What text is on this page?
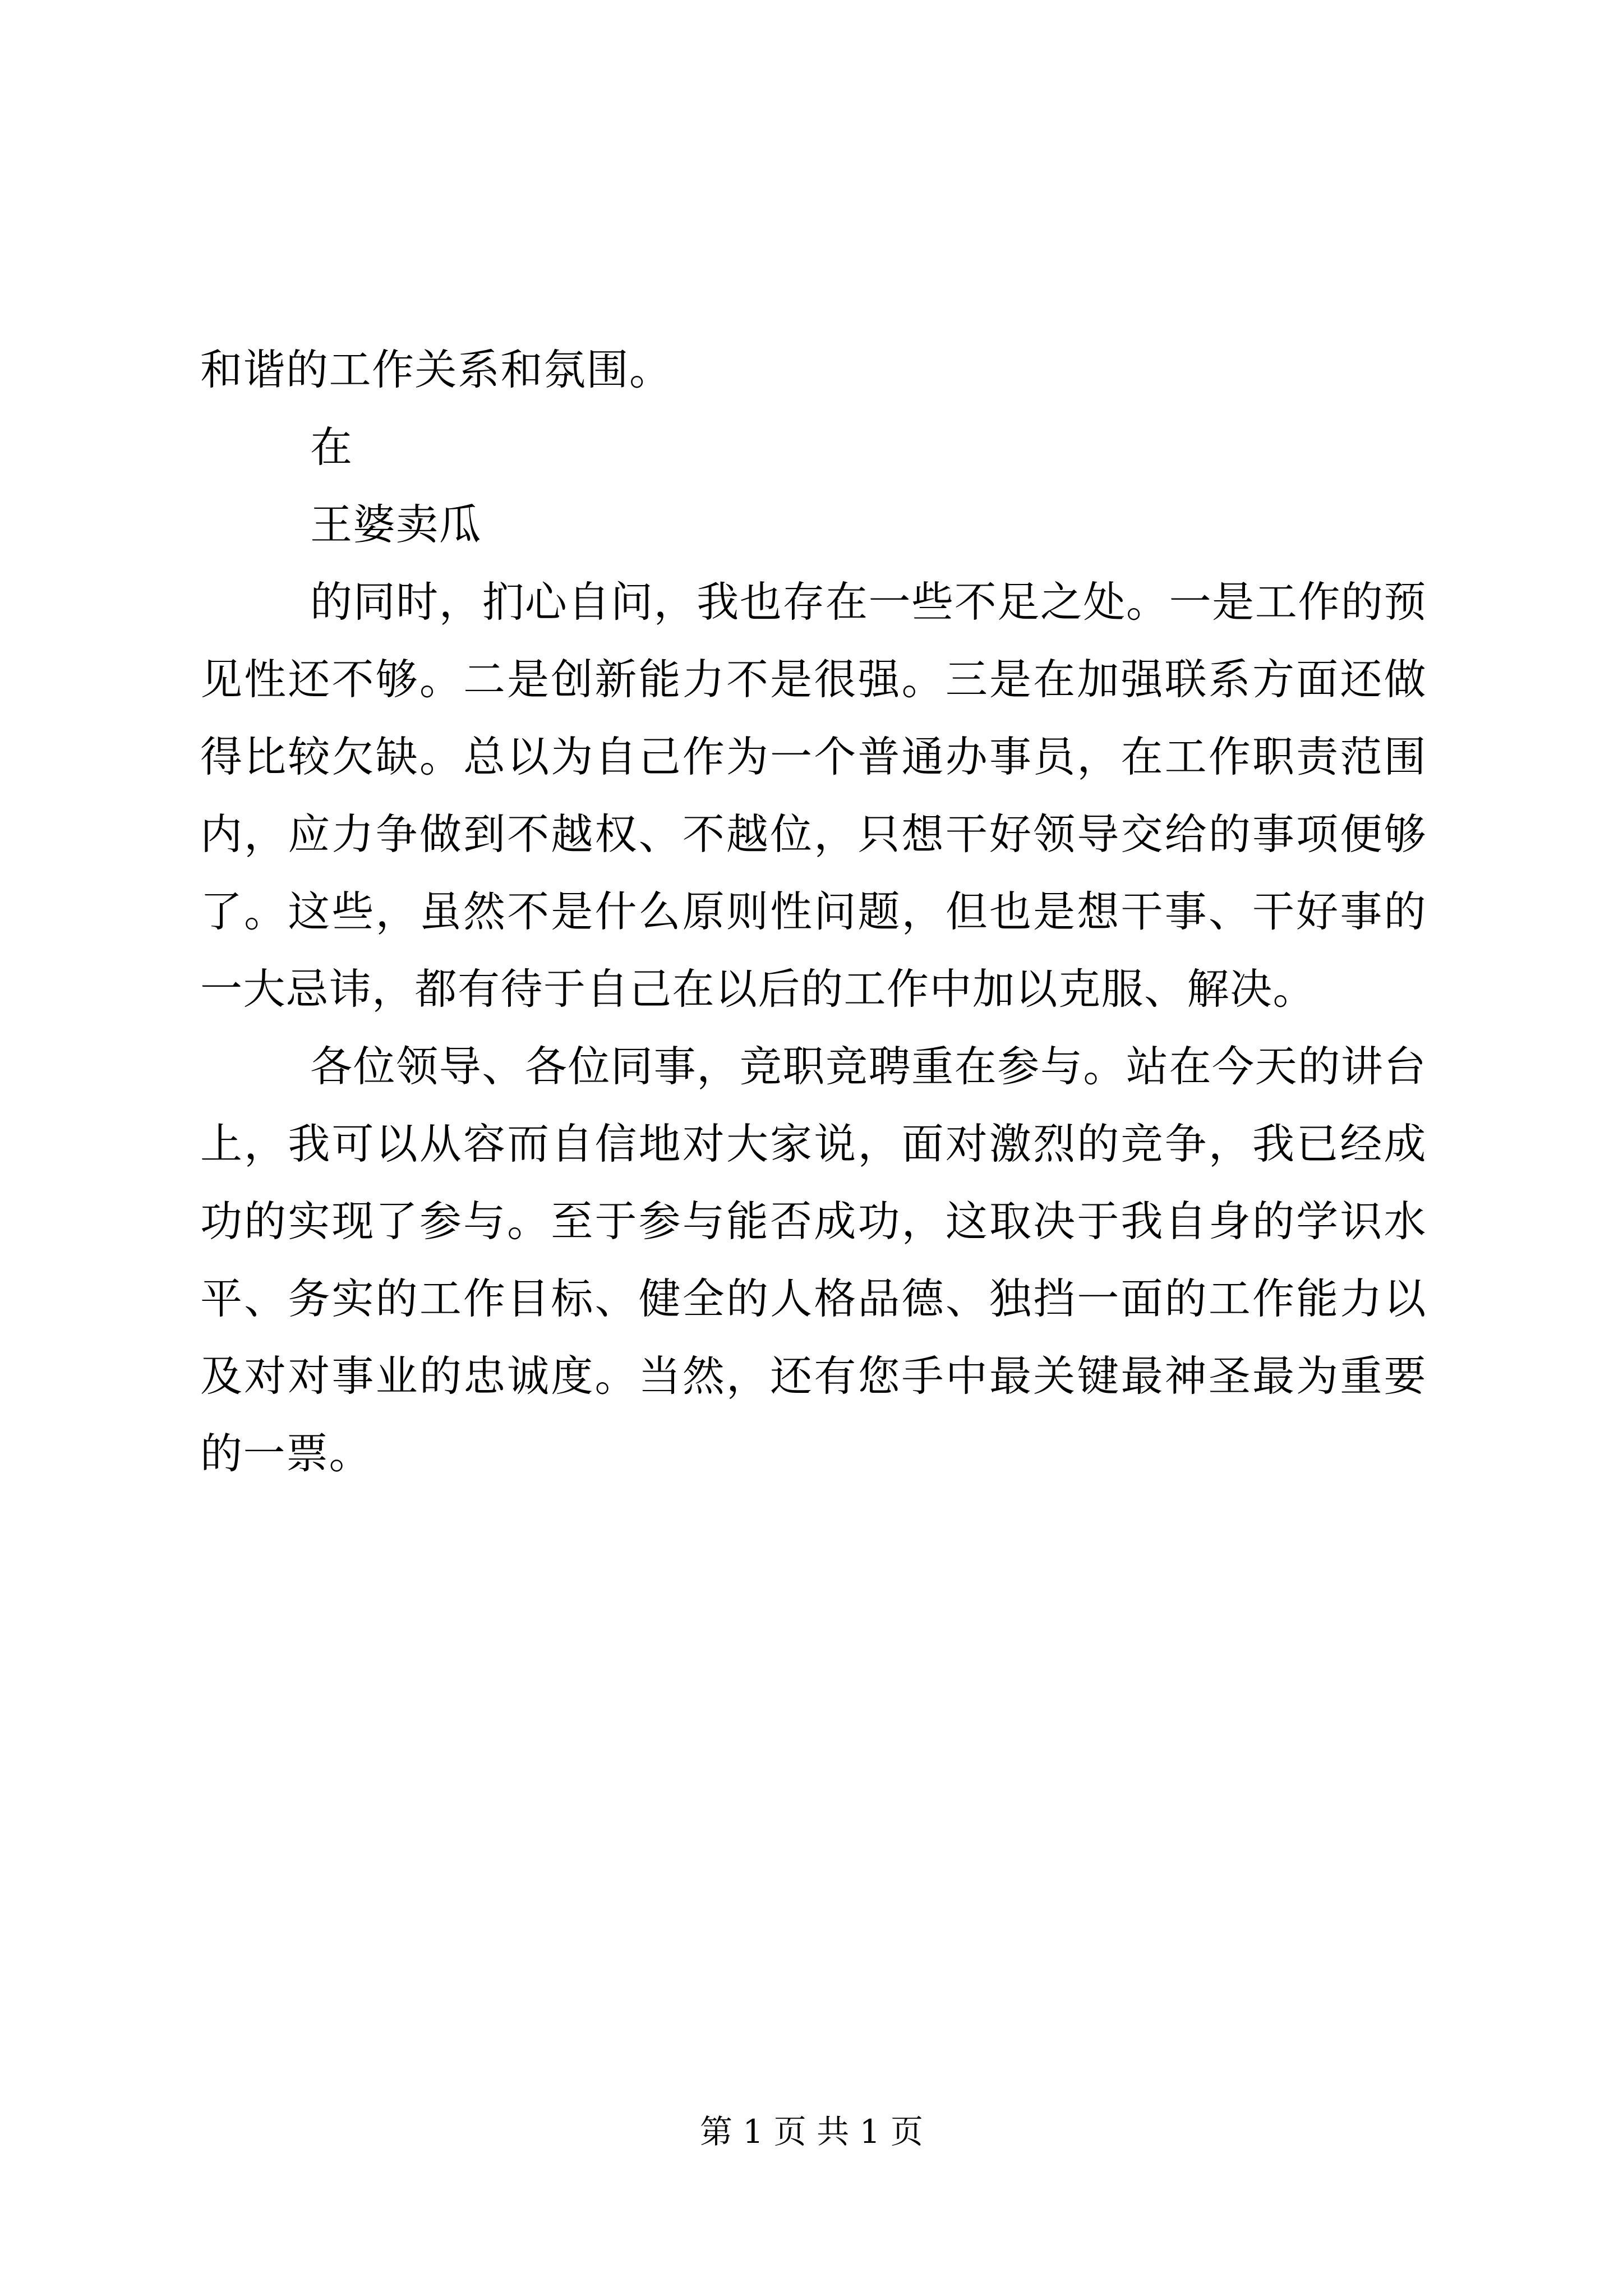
和谐的工作关系和氛围。
在
王婆卖瓜
的同时，扪心自问，我也存在一些不足之处。一是工作的预
见性还不够。二是创新能力不是很强。三是在加强联系方面还做
得比较欠缺。总以为自己作为一个普通办事员，在工作职责范围
内，应力争做到不越权、不越位，只想干好领导交给的事项便够
了。这些，虽然不是什么原则性问题，但也是想干事、干好事的
一大忌讳，都有待于自己在以后的工作中加以克服、解决。
各位领导、各位同事，竞职竞聘重在参与。站在今天的讲台
上，我可以从容而自信地对大家说，面对激烈的竞争，我已经成
功的实现了参与。至于参与能否成功，这取决于我自身的学识水
平、务实的工作目标、健全的人格品德、独挡一面的工作能力以
及对对事业的忠诚度。当然，还有您手中最关键最神圣最为重要
的一票。
第 1 页 共 1 页
